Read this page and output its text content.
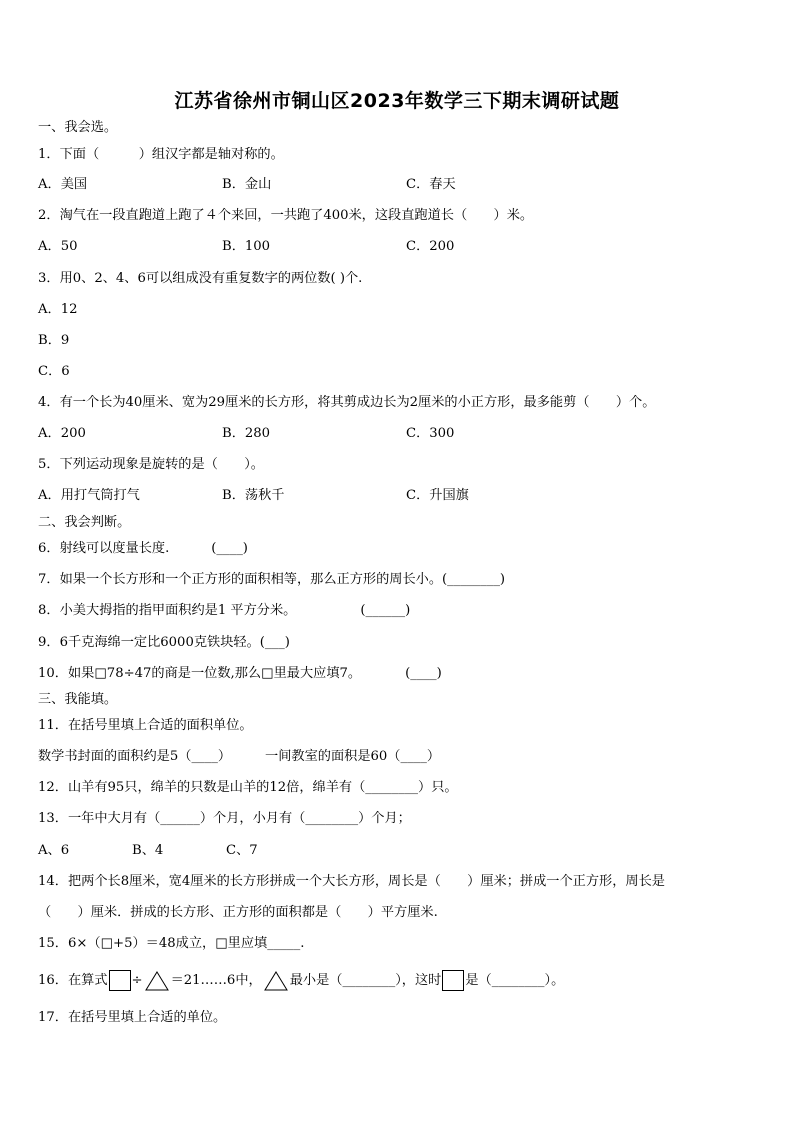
江苏省徐州市铜山区2023年数学三下期末调研试题
一、我会选。
1．下面（　　　）组汉字都是轴对称的。
A．美国	B．金山	C．春天
2．淘气在一段直跑道上跑了４个来回，一共跑了400米，这段直跑道长（　　）米。
A．50	B．100	C．200
3．用0、2、4、6可以组成没有重复数字的两位数( )个.
A．12
B．9
C．6
4．有一个长为40厘米、宽为29厘米的长方形，将其剪成边长为2厘米的小正方形，最多能剪（　　）个。
A．200	B．280	C．300
5．下列运动现象是旋转的是（　　）。
A．用打气筒打气	B．荡秋千	C．升国旗
二、我会判断。
6．射线可以度量长度.	(____)
7．如果一个长方形和一个正方形的面积相等，那么正方形的周长小。(________)
8．小美大拇指的指甲面积约是1 平方分米。	(______)
9．6千克海绵一定比6000克铁块轻。(___)
10．如果□78÷47的商是一位数,那么□里最大应填7。	(____)
三、我能填。
11．在括号里填上合适的面积单位。
数学书封面的面积约是5（____）	一间教室的面积是60（____）
12．山羊有95只，绵羊的只数是山羊的12倍，绵羊有（________）只。
13．一年中大月有（______）个月，小月有（________）个月；
A、6	B、4	C、7
14．把两个长8厘米，宽4厘米的长方形拼成一个大长方形，周长是（　　）厘米；拼成一个正方形，周长是
（　　）厘米．拼成的长方形、正方形的面积都是（　　）平方厘米.
15．6×（□+5）＝48成立，□里应填_____.
16．在算式 ÷ ＝21……6中， 最小是（________），这时 是（________）。
17．在括号里填上合适的单位。
